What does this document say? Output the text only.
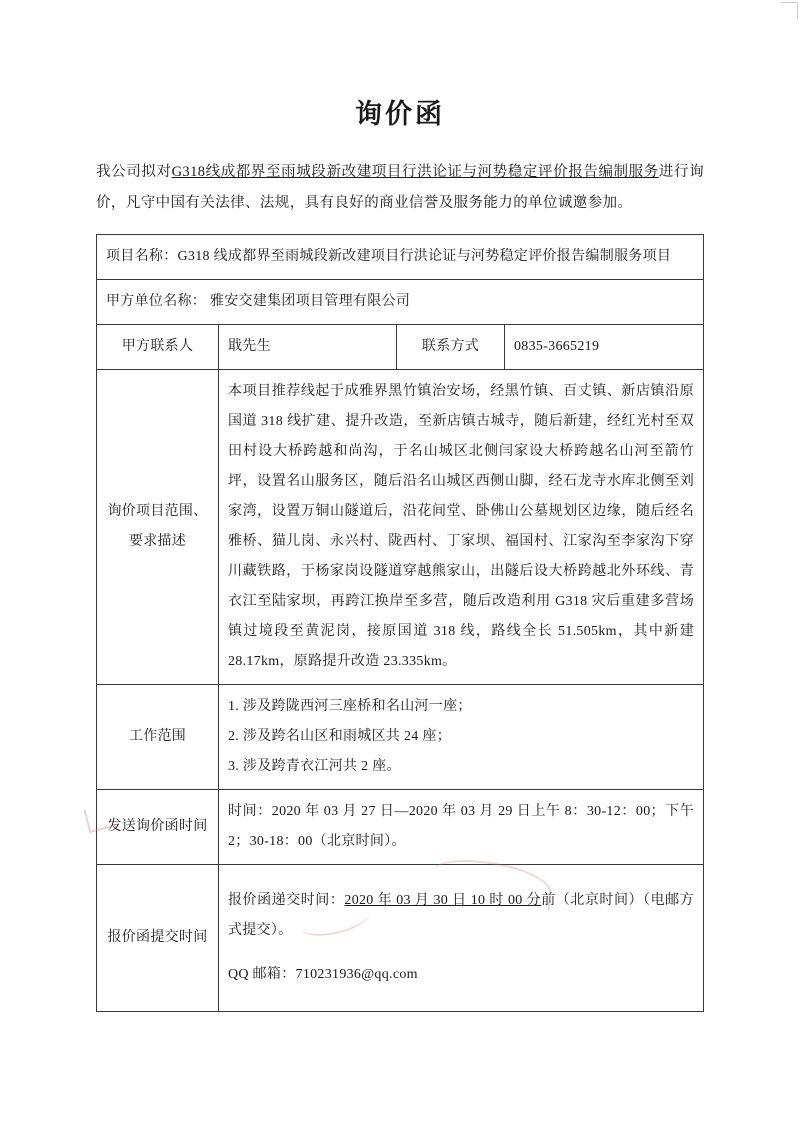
询价函

我公司拟对G318线成都界至雨城段新改建项目行洪论证与河势稳定评价报告编制服务进行询价，凡守中国有关法律、法规，具有良好的商业信誉及服务能力的单位诚邀参加。

项目名称：G318 线成都界至雨城段新改建项目行洪论证与河势稳定评价报告编制服务项目			
甲方单位名称： 雅安交建集团项目管理有限公司			
甲方联系人	戢先生	联系方式	0835-3665219
询价项目范围、要求描述	本项目推荐线起于成雅界黑竹镇治安场，经黑竹镇、百丈镇、新店镇沿原国道 318 线扩建、提升改造，至新店镇古城寺，随后新建，经红光村至双田村设大桥跨越和尚沟，于名山城区北侧闫家设大桥跨越名山河至箭竹坪，设置名山服务区，随后沿名山城区西侧山脚，经石龙寺水库北侧至刘家湾，设置万铜山隧道后，沿花间堂、卧佛山公墓规划区边缘，随后经名雅桥、猫儿岗、永兴村、陇西村、丁家坝、福国村、江家沟至李家沟下穿川藏铁路，于杨家岗设隧道穿越熊家山，出隧后设大桥跨越北外环线、青衣江至陆家坝，再跨江换岸至多营，随后改造利用 G318 灾后重建多营场镇过境段至黄泥岗，接原国道 318 线，路线全长 51.505km，其中新建 28.17km，原路提升改造 23.335km。		
工作范围	1. 涉及跨陇西河三座桥和名山河一座；

2. 涉及跨名山区和雨城区共 24 座；

3. 涉及跨青衣江河共 2 座。		

发送询价函时间	时间：2020 年 03 月 27 日—2020 年 03 月 29 日上午 8：30-12：00；下午 2；30-18：00（北京时间）。		
报价函提交时间	报价函递交时间：2020 年 03 月 30 日 10 时 00 分前（北京时间）（电邮方式提交）。

QQ 邮箱：710231936@qq.com		
